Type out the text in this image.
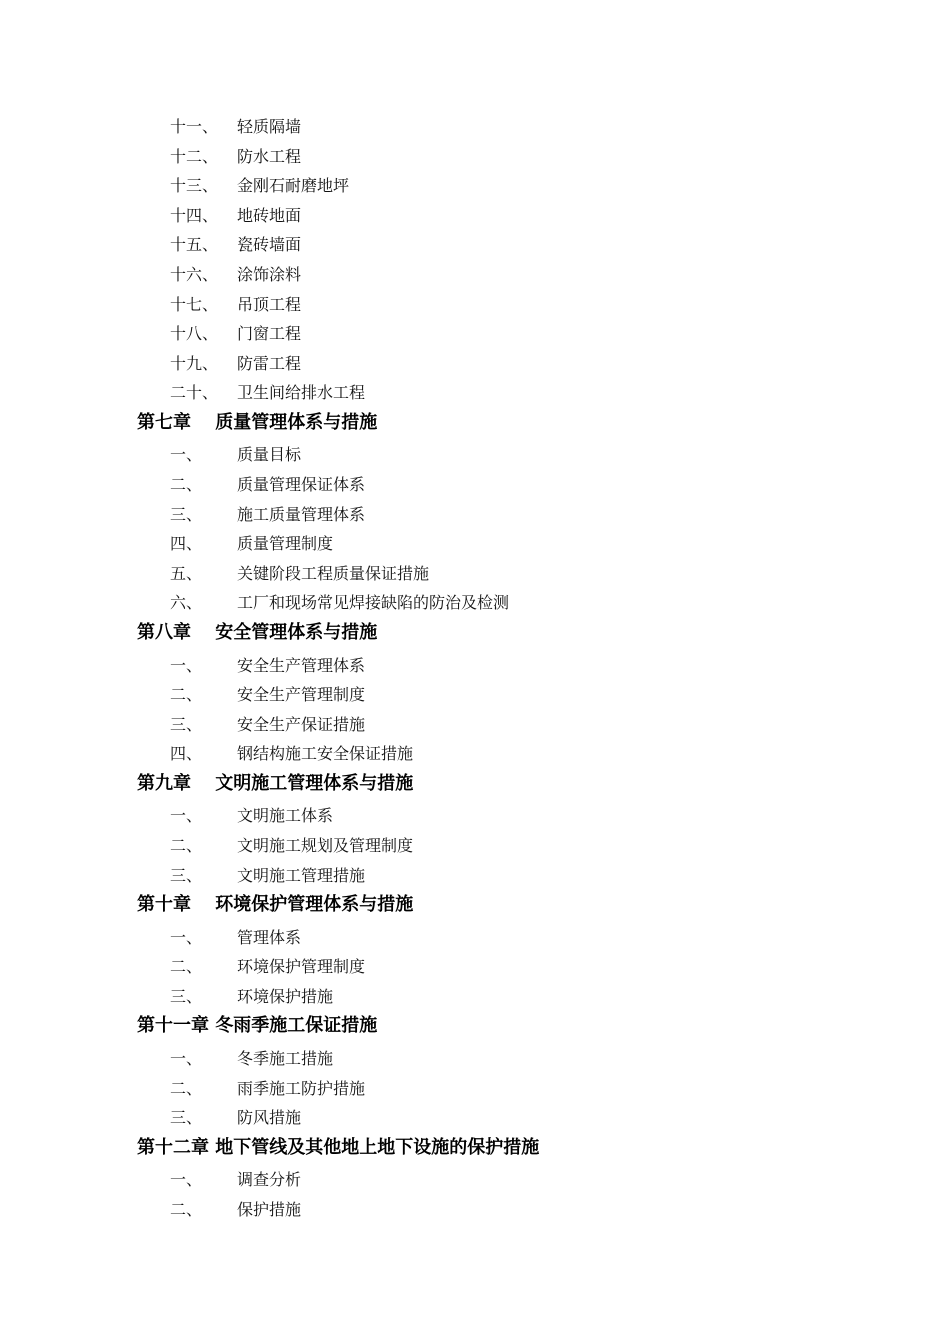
十一、 轻质隔墙
十二、 防水工程
十三、 金刚石耐磨地坪
十四、 地砖地面
十五、 瓷砖墙面
十六、 涂饰涂料
十七、 吊顶工程
十八、 门窗工程
十九、 防雷工程
二十、 卫生间给排水工程
第七章　 质量管理体系与措施
一、 质量目标
二、 质量管理保证体系
三、 施工质量管理体系
四、 质量管理制度
五、 关键阶段工程质量保证措施
六、 工厂和现场常见焊接缺陷的防治及检测
第八章　 安全管理体系与措施
一、 安全生产管理体系
二、 安全生产管理制度
三、 安全生产保证措施
四、 钢结构施工安全保证措施
第九章　 文明施工管理体系与措施
一、 文明施工体系
二、 文明施工规划及管理制度
三、 文明施工管理措施
第十章　 环境保护管理体系与措施
一、 管理体系
二、 环境保护管理制度
三、 环境保护措施
第十一章 冬雨季施工保证措施
一、 冬季施工措施
二、 雨季施工防护措施
三、 防风措施
第十二章 地下管线及其他地上地下设施的保护措施
一、 调查分析
二、 保护措施
